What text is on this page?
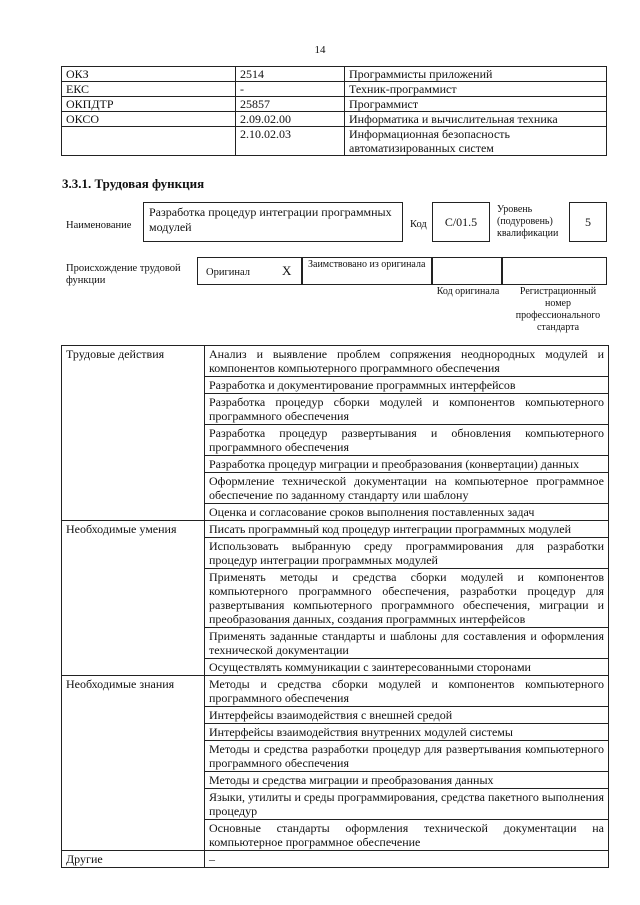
14
ОКЗ	2514	Программисты приложений
ЕКС	-	Техник-программист
ОКПДТР	25857	Программист
ОКСО	2.09.02.00	Информатика и вычислительная техника
	2.10.02.03	Информационная безопасность автоматизированных систем
3.3.1. Трудовая функция
Наименование
Разработка процедур интеграции программных модулей	Код	C/01.5
Уровень (подуровень) квалификации
5
Происхождение трудовой функции
Оригинал X Заимствовано из оригинала
Код оригинала	Регистрационный номер профессионального стандарта
Трудовые действия	Анализ и выявление проблем сопряжения неоднородных модулей и компонентов компьютерного программного обеспечения
	Разработка и документирование программных интерфейсов
	Разработка процедур сборки модулей и компонентов компьютерного программного обеспечения
	Разработка процедур развертывания и обновления компьютерного программного обеспечения
	Разработка процедур миграции и преобразования (конвертации) данных
	Оформление технической документации на компьютерное программное обеспечение по заданному стандарту или шаблону
	Оценка и согласование сроков выполнения поставленных задач
Необходимые умения	Писать программный код процедур интеграции программных модулей
	Использовать выбранную среду программирования для разработки процедур интеграции программных модулей
	Применять методы и средства сборки модулей и компонентов компьютерного программного обеспечения, разработки процедур для развертывания компьютерного программного обеспечения, миграции и преобразования данных, создания программных интерфейсов
	Применять заданные стандарты и шаблоны для составления и оформления технической документации
	Осуществлять коммуникации с заинтересованными сторонами
Необходимые знания	Методы и средства сборки модулей и компонентов компьютерного программного обеспечения
	Интерфейсы взаимодействия с внешней средой
	Интерфейсы взаимодействия внутренних модулей системы
	Методы и средства разработки процедур для развертывания компьютерного программного обеспечения
	Методы и средства миграции и преобразования данных
	Языки, утилиты и среды программирования, средства пакетного выполнения процедур
	Основные стандарты оформления технической документации на компьютерное программное обеспечение
Другие	–
